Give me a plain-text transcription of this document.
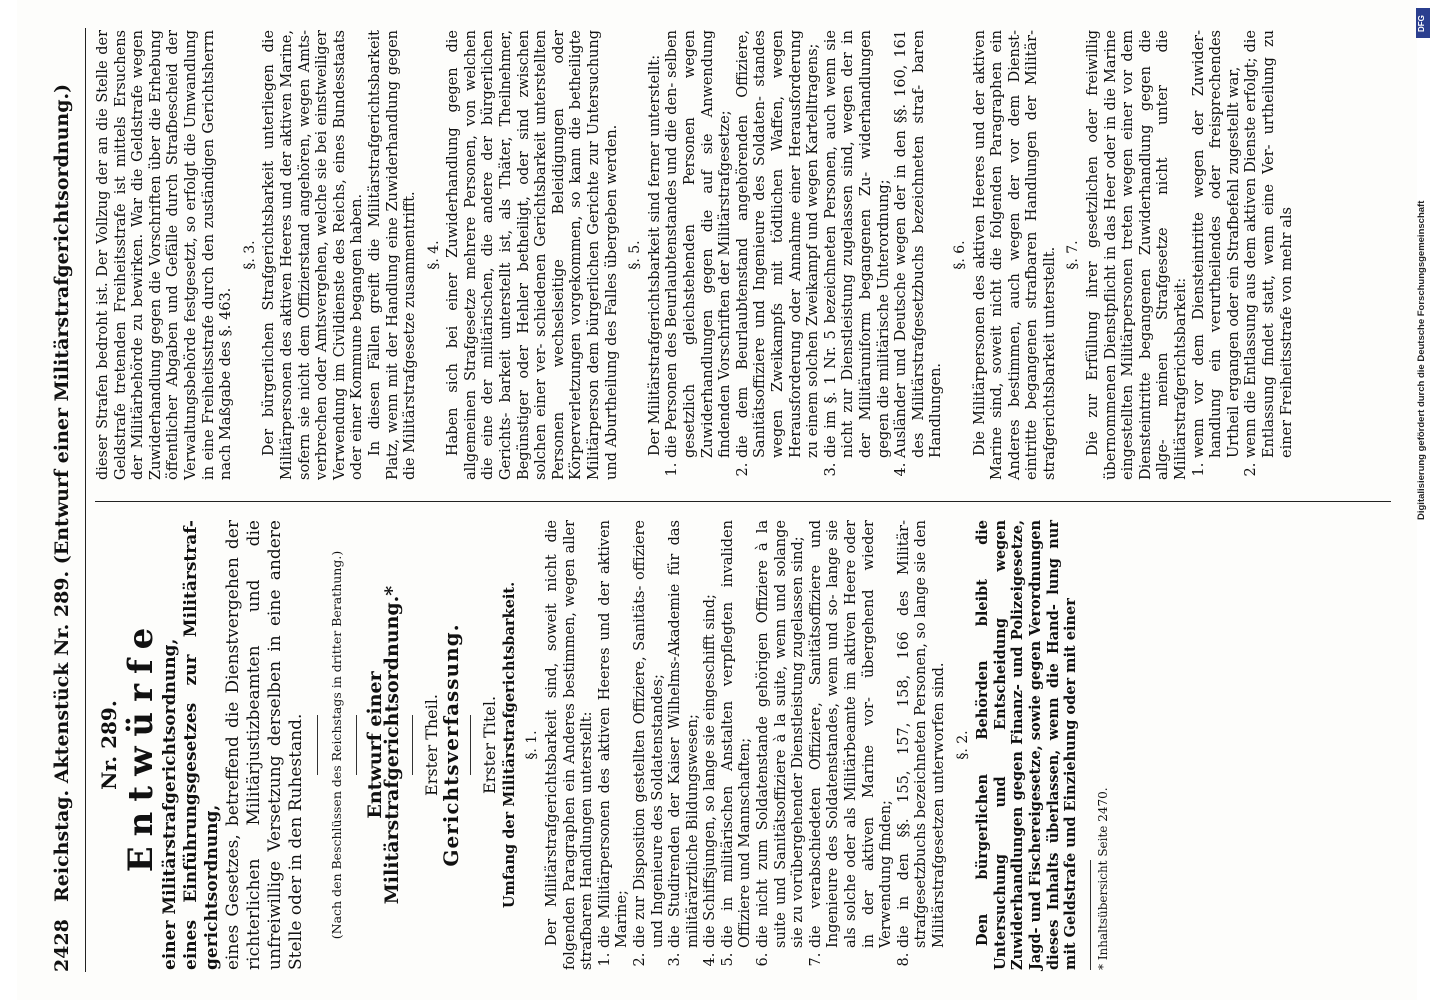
2428
Reichstag. Aktenstück Nr. 289. (Entwurf einer Militärstrafgerichtsordnung.) Nr. 289. Entwürfe einer Militärstrafgerichtsordnung, eines Einführungsgesetzes zur Militärstraf- gerichtsordnung, eines Gesetzes, betreffend die Dienstvergehen der richterlichen Militärjustizbeamten und die unfreiwillige Versetzung derselben in eine andere Stelle oder in den Ruhestand. (Nach den Beschlüssen des Reichstags in dritter Berathung.) Entwurf einer Militärstrafgerichtsordnung.* Erster Theil.
Gerichtsverfassung. Erster Titel. Umfang der Militärstrafgerichtsbarkeit. §. 1. Der Militärstrafgerichtsbarkeit sind, soweit nicht die folgenden Paragraphen ein Anderes bestimmen, wegen aller strafbaren Handlungen unterstellt: 1. die Militärpersonen des aktiven Heeres und der aktiven Marine; 2. die zur Disposition gestellten Offiziere, Sanitäts- offiziere und Ingenieure des Soldatenstandes; 3. die Studirenden der Kaiser Wilhelms-Akademie für das militärärztliche Bildungswesen; 4. die Schiffsjungen, so lange sie eingeschifft sind; 5. die in militärischen Anstalten verpflegten invaliden Offiziere und Mannschaften; 6. die nicht zum Soldatenstande gehörigen Offiziere à la suite und Sanitätsoffiziere à la suite, wenn und solange sie zu vorübergehender Dienstleistung zugelassen sind; 7. die verabschiedeten Offiziere, Sanitätsoffiziere und Ingenieure des Soldatenstandes, wenn und so- lange sie als solche oder als Militärbeamte im aktiven Heere oder in der aktiven Marine vor- übergehend wieder Verwendung finden; 8. die in den §§. 155, 157, 158, 166 des Militär- strafgesetzbuchs bezeichneten Personen, so lange sie den Militärstrafgesetzen unterworfen sind. §. 2. Den bürgerlichen Behörden bleibt die Untersuchung und Entscheidung wegen Zuwiderhandlungen gegen Finanz- und Polizeigesetze, Jagd- und Fischereigesetze, sowie gegen Verordnungen dieses Inhalts überlassen, wenn die Hand- lung nur mit Geldstrafe und Einziehung oder mit einer * Inhaltsübersicht Seite 2470.

dieser Strafen bedroht ist. Der Vollzug der an die Stelle der Geldstrafe tretenden Freiheitsstrafe ist mittels Ersuchens der Militärbehörde zu bewirken. War die Geldstrafe wegen Zuwiderhandlung gegen die Vorschriften über die Erhebung öffentlicher Abgaben und Gefälle durch Strafbescheid der Verwaltungsbehörde festgesetzt, so erfolgt die Umwandlung in eine Freiheitsstrafe durch den zuständigen Gerichtsherrn nach Maßgabe des §. 463.

§. 3. Der bürgerlichen Strafgerichtsbarkeit unterliegen die Militärpersonen des aktiven Heeres und der aktiven Marine, sofern sie nicht dem Offizierstand angehören, wegen Amts- verbrechen oder Amtsvergehen, welche sie bei einstweiliger Verwendung im Civildienste des Reichs, eines Bundesstaats oder einer Kommune begangen haben. In diesen Fällen greift die Militärstrafgerichtsbarkeit Platz, wenn mit der Handlung eine Zuwiderhandlung gegen die Militärstrafgesetze zusammentrifft. §. 4. Haben sich bei einer Zuwiderhandlung gegen die allgemeinen Strafgesetze mehrere Personen, von welchen die eine der militärischen, die andere der bürgerlichen Gerichts- barkeit unterstellt ist, als Thäter, Theilnehmer, Begünstiger oder Hehler betheiligt, oder sind zwischen solchen einer ver- schiedenen Gerichtsbarkeit unterstellten Personen wechselseitige Beleidigungen oder Körperverletzungen vorgekommen, so kann die betheiligte Militärperson dem bürgerlichen Gerichte zur Untersuchung und Aburtheilung des Falles übergeben werden. §. 5. Der Militärstrafgerichtsbarkeit sind ferner unterstellt: 1. die Personen des Beurlaubtenstandes und die den- selben gesetzlich gleichstehenden Personen wegen Zuwiderhandlungen gegen die auf sie Anwendung findenden Vorschriften der Militärstrafgesetze; 2. die dem Beurlaubtenstand angehörenden Offiziere, Sanitätsoffiziere und Ingenieure des Soldaten- standes wegen Zweikampfs mit tödtlichen Waffen, wegen Herausforderung oder Annahme einer Herausforderung zu einem solchen Zweikampf und wegen Kartelltragens; 3. die im §. 1 Nr. 5 bezeichneten Personen, auch wenn sie nicht zur Dienstleistung zugelassen sind, wegen der in der Militäruniform begangenen Zu- widerhandlungen gegen die militärische Unterordnung; 4. Ausländer und Deutsche wegen der in den §§. 160, 161 des Militärstrafgesetzbuchs bezeichneten straf- baren Handlungen.
§. 6. Die Militärpersonen des aktiven Heeres und der aktiven Marine sind, soweit nicht die folgenden Paragraphen ein Anderes bestimmen, auch wegen der vor dem Dienst- eintritte begangenen strafbaren Handlungen der Militär- strafgerichtsbarkeit unterstellt. §. 7. Die zur Erfüllung ihrer gesetzlichen oder freiwillig übernommenen Dienstpflicht in das Heer oder in die Marine eingestellten Militärpersonen treten wegen einer vor dem Diensteintritte begangenen Zuwiderhandlung gegen die allge- meinen Strafgesetze nicht unter die Militärstrafgerichtsbarkeit: 1. wenn vor dem Diensteintritte wegen der Zuwider- handlung ein verurtheilendes oder freisprechendes Urtheil ergangen oder ein Strafbefehl zugestellt war, 2. wenn die Entlassung aus dem aktiven Dienste erfolgt; die Entlassung findet statt, wenn eine Ver- urtheilung zu einer Freiheitsstrafe von mehr als	Digitalisierung gefördert durch die Deutsche Forschungsgemeinschaft
DFG
